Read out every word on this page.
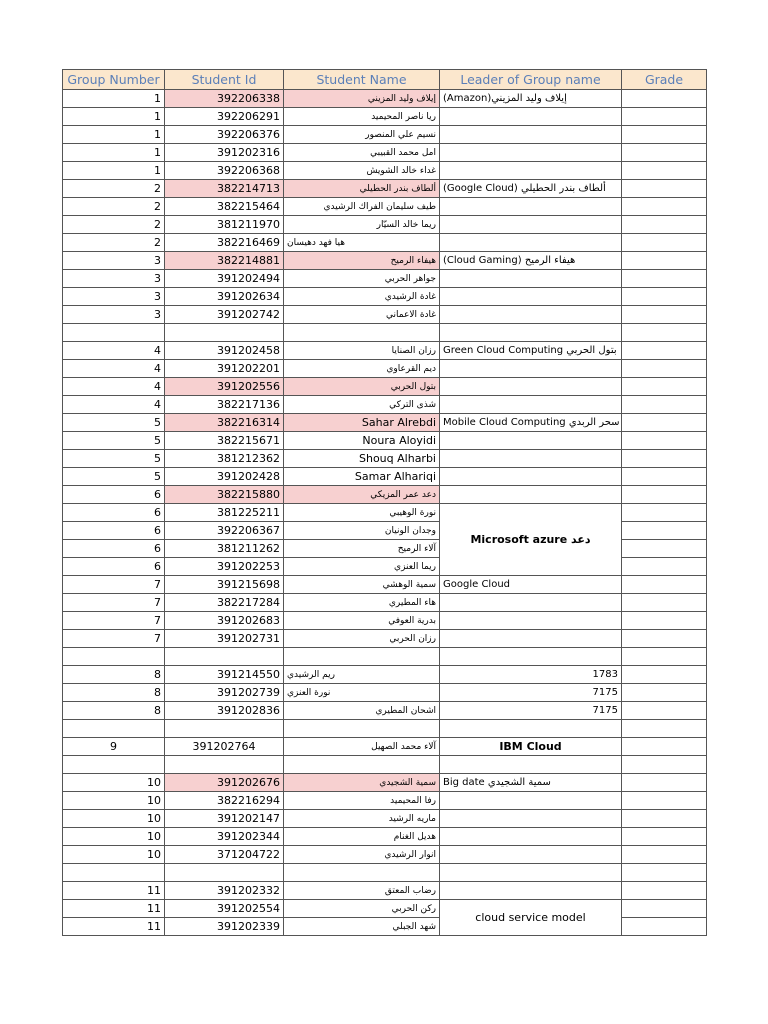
Group Number	Student Id	Student Name	Leader of Group name	Grade
1	392206338	إيلاف وليد المزيني	(Amazon)إيلاف وليد المزيني	
1	392206291	ريا ناصر المحيميد		
1	392206376	نسيم علي المنصور		
1	391202316	امل محمد القبيبي		
1	392206368	غداء خالد الشويش		
2	382214713	ألطاف بندر الحطيلي	(Google Cloud) ألطاف بندر الحطيلي	
2	382215464	طيف سليمان الفراك الرشيدي		
2	381211970	ريما خالد السيّار		
2	382216469	هيا فهد دهيسان		
3	382214881	هيفاء الرميح	(Cloud Gaming) هيفاء الرميح	
3	391202494	جواهر الحربي		
3	391202634	غادة الرشيدي		
3	391202742	غادة الاعماني		

4	391202458	رزان الصنايا	Green Cloud Computing بتول الحربي	
4	391202201	ديم القرعاوي		
4	391202556	بتول الحربي		
4	382217136	شذى التركي		
5	382216314	Sahar Alrebdi	Mobile Cloud Computing سحر الربدي	
5	382215671	Noura Aloyidi		
5	381212362	Shouq Alharbi		
5	391202428	Samar Alhariqi		
6	382215880	دعد عمر المزيكي		
6	381225211	نورة الوهيبي	Microsoft azure دعد	
6	392206367	وجدان الونيان		
6	381211262	آلاء الرميح		
6	391202253	ريما العنزي		
7	391215698	سمية الوهشي	Google Cloud	
7	382217284	هاء المطيري		
7	391202683	بدرية العوفي		
7	391202731	رزان الحربي		

8	391214550	ريم الرشيدي	1783	
8	391202739	نورة العنزي	7175	
8	391202836	اشحان المطيري	7175	

9	391202764	آلاء محمد الصهيل	IBM Cloud	

10	391202676	سمية الشجيدي	Big date سمية الشجيدي	
10	382216294	رفا المحيميد		
10	391202147	ماريه الرشيد		
10	391202344	هديل الغنام		
10	371204722	انوار الرشيدي		

11	391202332	رضاب المعتق		
11	391202554	ركن الحربي	cloud service model	
11	391202339	شهد الجبلي		
